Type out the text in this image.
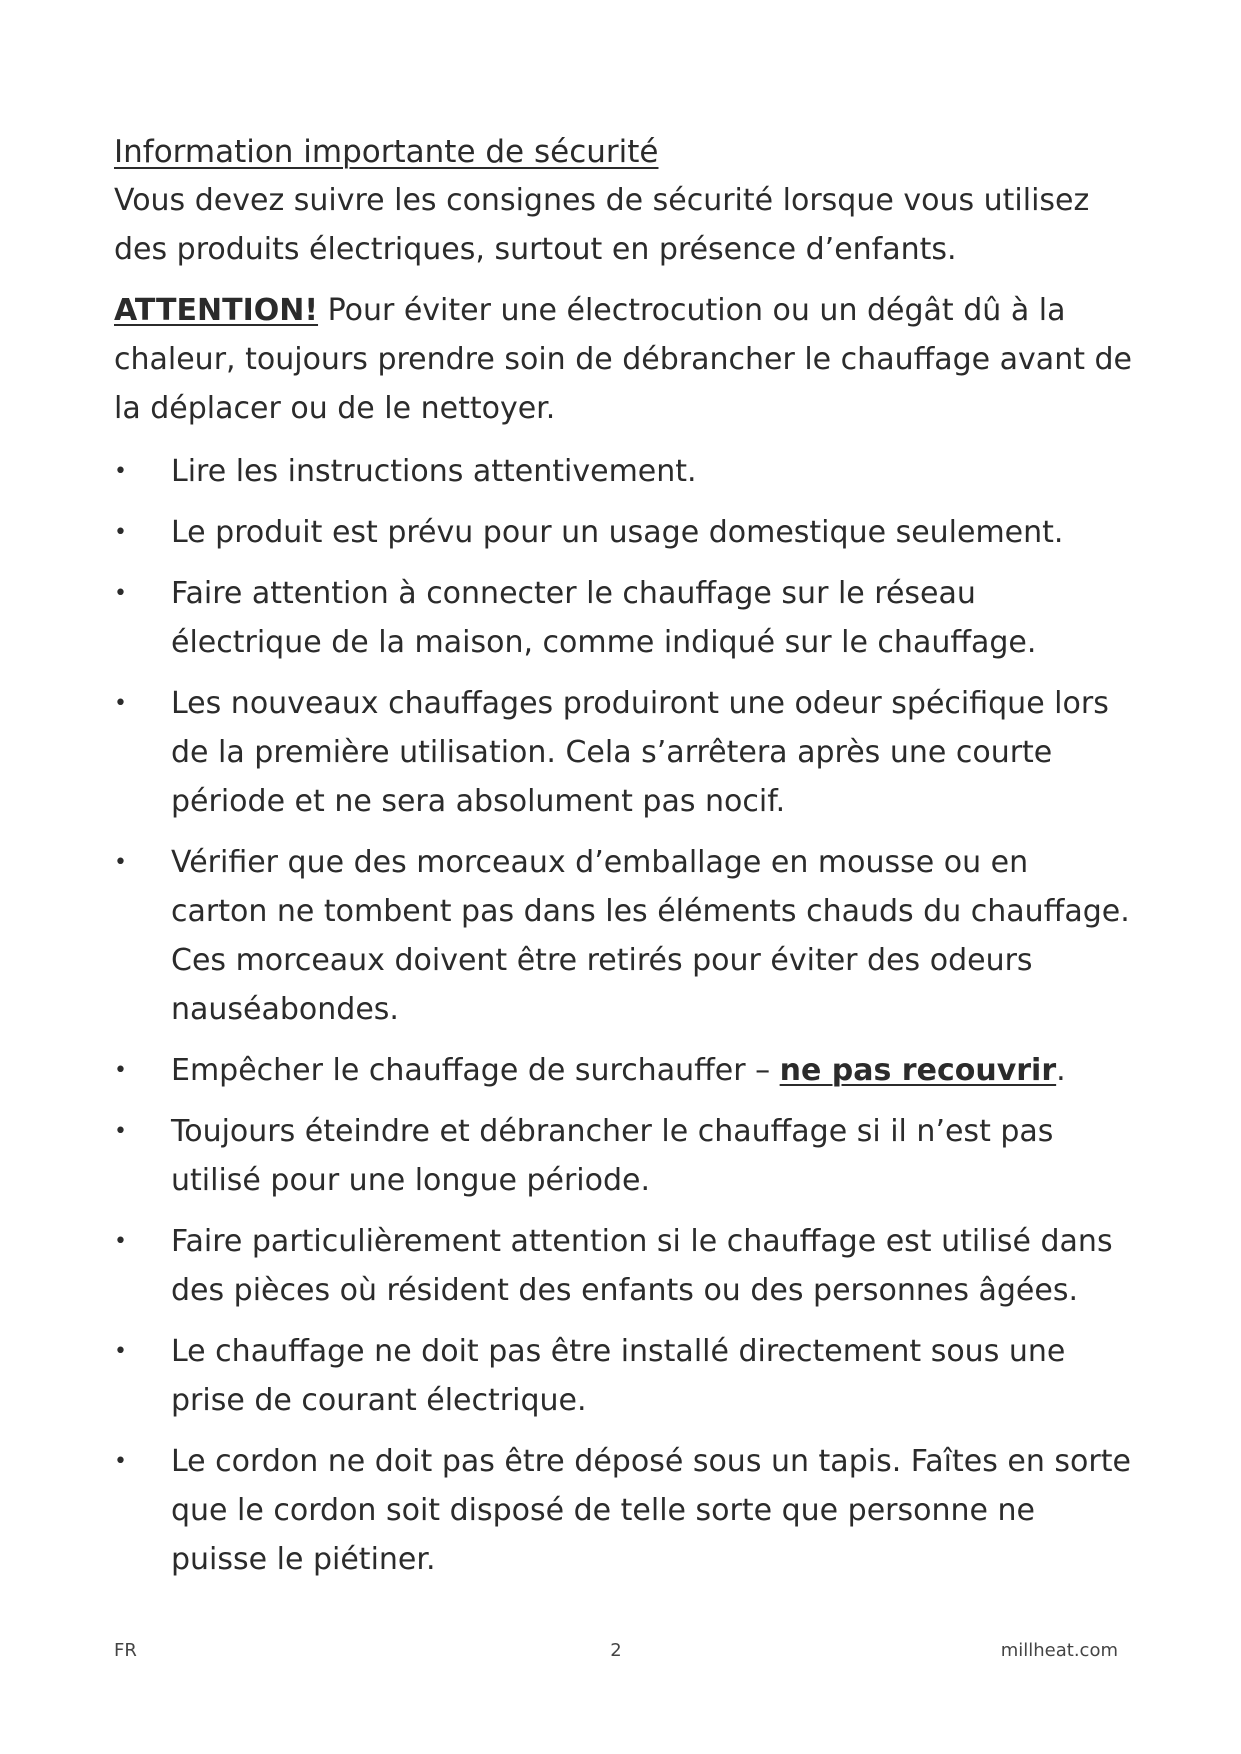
Information importante de sécurité

Vous devez suivre les consignes de sécurité lorsque vous utilisez des produits électriques, surtout en présence d’enfants.

ATTENTION! Pour éviter une électrocution ou un dégât dû à la chaleur, toujours prendre soin de débrancher le chauffage avant de la déplacer ou de le nettoyer.

• Lire les instructions attentivement.
• Le produit est prévu pour un usage domestique seulement.
• Faire attention à connecter le chauffage sur le réseau électrique de la maison, comme indiqué sur le chauffage.
• Les nouveaux chauffages produiront une odeur spécifique lors de la première utilisation. Cela s’arrêtera après une courte période et ne sera absolument pas nocif.
• Vérifier que des morceaux d’emballage en mousse ou en carton ne tombent pas dans les éléments chauds du chauffage. Ces morceaux doivent être retirés pour éviter des odeurs nauséabondes.
• Empêcher le chauffage de surchauffer – ne pas recouvrir.
• Toujours éteindre et débrancher le chauffage si il n’est pas utilisé pour une longue période.
• Faire particulièrement attention si le chauffage est utilisé dans des pièces où résident des enfants ou des personnes âgées.
• Le chauffage ne doit pas être installé directement sous une prise de courant électrique.
• Le cordon ne doit pas être déposé sous un tapis. Faîtes en sorte que le cordon soit disposé de telle sorte que personne ne puisse le piétiner.
FR	2	millheat.com
